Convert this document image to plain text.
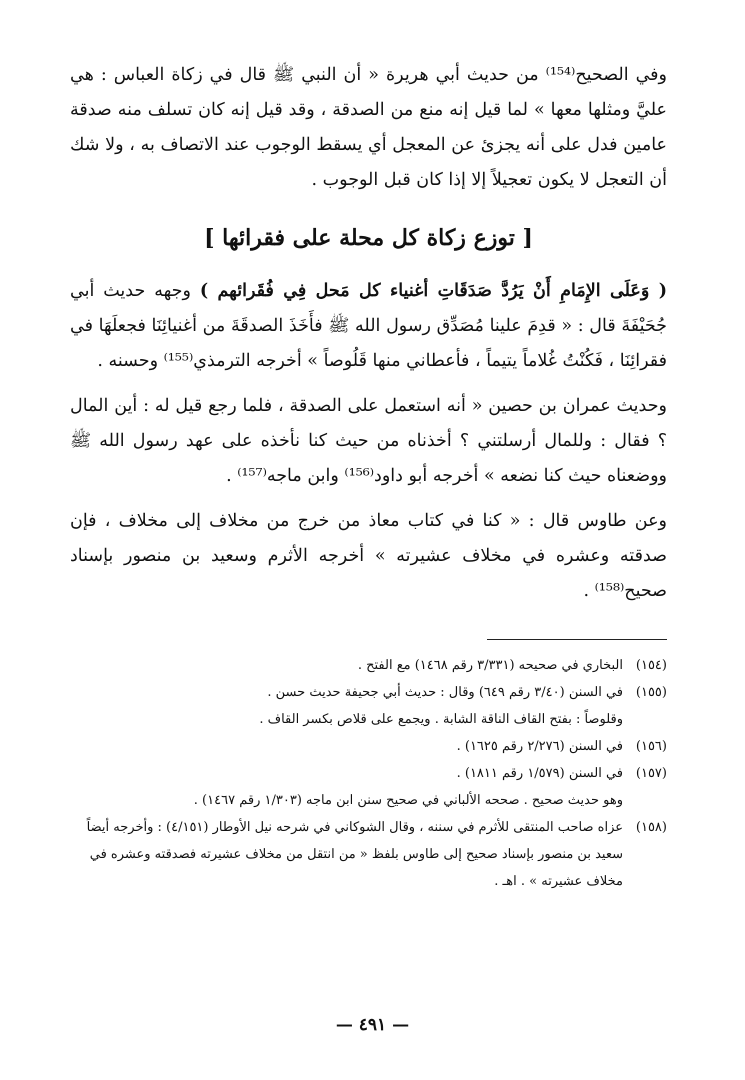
وفي الصحيح⁽¹⁵⁴⁾ من حديث أبي هريرة « أن النبي ﷺ قال في زكاة العباس : هي عليَّ ومثلها معها » لما قيل إنه منع من الصدقة ، وقد قيل إنه كان تسلف منه صدقة عامين فدل على أنه يجزئ عن المعجل أي يسقط الوجوب عند الاتصاف به ، ولا شك أن التعجل لا يكون تعجيلاً إلا إذا كان قبل الوجوب .

[ توزع زكاة كل محلة على فقرائها ]

( وَعَلَى الإِمَامِ أَنْ يَرُدَّ صَدَقَاتِ أغنياء كل مَحل فِي فُقَرائهم ) وجهه حديث أبي جُحَيْفَةَ قال : « قدِمَ علينا مُصَدِّق رسول الله ﷺ فأَخَذَ الصدقَةَ من أغنيائِنَا فجعلَهَا في فقرائِنَا ، فَكُنْتُ غُلاماً يتيماً ، فأعطاني منها قَلُوصاً » أخرجه الترمذي⁽¹⁵⁵⁾ وحسنه .

وحديث عمران بن حصين « أنه استعمل على الصدقة ، فلما رجع قيل له : أين المال ؟ فقال : وللمال أرسلتني ؟ أخذناه من حيث كنا نأخذه على عهد رسول الله ﷺ ووضعناه حيث كنا نضعه » أخرجه أبو داود⁽¹⁵⁶⁾ وابن ماجه⁽¹⁵⁷⁾ .

وعن طاوس قال : « كنا في كتاب معاذ من خرج من مخلاف إلى مخلاف ، فإن صدقته وعشره في مخلاف عشيرته » أخرجه الأثرم وسعيد بن منصور بإسناد صحيح⁽¹⁵⁸⁾ .

(١٥٤)
البخاري في صحيحه (٣/٣٣١ رقم ١٤٦٨) مع الفتح .
(١٥٥)
في السنن (٣/٤٠ رقم ٦٤٩) وقال : حديث أبي جحيفة حديث حسن .
وقلوصاً : بفتح القاف الناقة الشابة . ويجمع على قلاص بكسر القاف .
(١٥٦)
في السنن (٢/٢٧٦ رقم ١٦٢٥) .
(١٥٧)
في السنن (١/٥٧٩ رقم ١٨١١) .
وهو حديث صحيح . صححه الألباني في صحيح سنن ابن ماجه (١/٣٠٣ رقم ١٤٦٧) .
(١٥٨)
عزاه صاحب المنتقى للأثرم في سننه ، وقال الشوكاني في شرحه نيل الأوطار (٤/١٥١) : وأخرجه أيضاً سعيد بن منصور بإسناد صحيح إلى طاوس بلفظ « من انتقل من مخلاف عشيرته فصدقته وعشره في مخلاف عشيرته » . اهـ .
— ٤٩١ —
